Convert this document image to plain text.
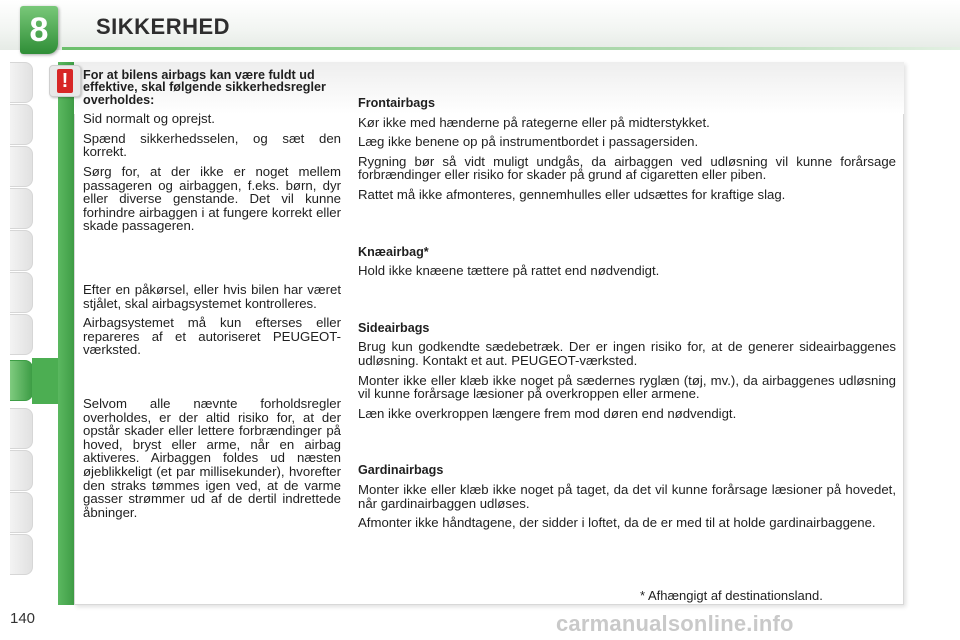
8	SIKKERHED
!	For at bilens airbags kan være fuldt ud effektive, skal følgende sikkerhedsregler overholdes:

Sid normalt og oprejst.

Spænd sikkerhedsselen, og sæt den korrekt.

Sørg for, at der ikke er noget mellem passageren og airbaggen, f.eks. børn, dyr eller diverse genstande. Det vil kunne forhindre airbaggen i at fungere korrekt eller skade passageren.

Efter en påkørsel, eller hvis bilen har været stjålet, skal airbagsystemet kontrolleres.

Airbagsystemet må kun efterses eller repareres af et autoriseret PEUGEOT-værksted.

Selvom alle nævnte forholdsregler overholdes, er der altid risiko for, at der opstår skader eller lettere forbrændinger på hoved, bryst eller arme, når en airbag aktiveres. Airbaggen foldes ud næsten øjeblikkeligt (et par millisekunder), hvorefter den straks tømmes igen ved, at de varme gasser strømmer ud af de dertil indrettede åbninger.

Frontairbags

Kør ikke med hænderne på rategerne eller på midterstykket.

Læg ikke benene op på instrumentbordet i passagersiden.

Rygning bør så vidt muligt undgås, da airbaggen ved udløsning vil kunne forårsage forbrændinger eller risiko for skader på grund af cigaretten eller piben.

Rattet må ikke afmonteres, gennemhulles eller udsættes for kraftige slag.

Knæairbag*

Hold ikke knæene tættere på rattet end nødvendigt.

Sideairbags

Brug kun godkendte sædebetræk. Der er ingen risiko for, at de generer sideairbaggenes udløsning. Kontakt et aut. PEUGEOT-værksted.

Monter ikke eller klæb ikke noget på sædernes ryglæn (tøj, mv.), da airbaggenes udløsning vil kunne forårsage læsioner på overkroppen eller armene.

Læn ikke overkroppen længere frem mod døren end nødvendigt.

Gardinairbags

Monter ikke eller klæb ikke noget på taget, da det vil kunne forårsage læsioner på hovedet, når gardinairbaggen udløses.

Afmonter ikke håndtagene, der sidder i loftet, da de er med til at holde gardinairbaggene.

* Afhængigt af destinationsland.
140	carmanualsonline.info
